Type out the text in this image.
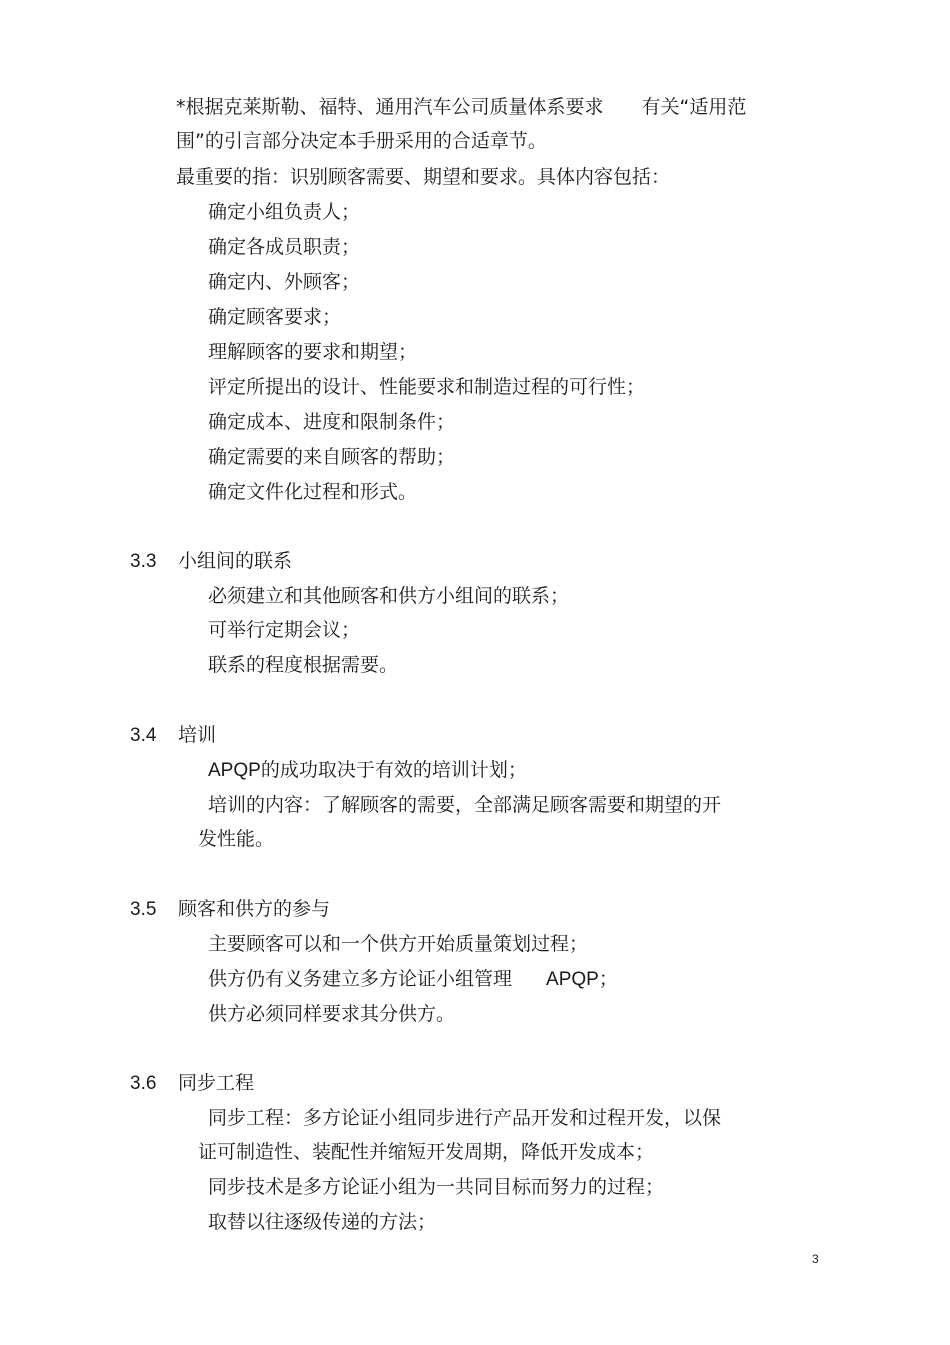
*根据克莱斯勒、福特、通用汽车公司质量体系要求 有关“适用范
围”的引言部分决定本手册采用的合适章节。
最重要的指：识别顾客需要、期望和要求。具体内容包括：
确定小组负责人；
确定各成员职责；
确定内、外顾客；
确定顾客要求；
理解顾客的要求和期望；
评定所提出的设计、性能要求和制造过程的可行性；
确定成本、进度和限制条件；
确定需要的来自顾客的帮助；
确定文件化过程和形式。
3.3 小组间的联系
必须建立和其他顾客和供方小组间的联系；
可举行定期会议；
联系的程度根据需要。
3.4 培训
APQP的成功取决于有效的培训计划；
培训的内容：了解顾客的需要，全部满足顾客需要和期望的开
发性能。
3.5 顾客和供方的参与
主要顾客可以和一个供方开始质量策划过程；
供方仍有义务建立多方论证小组管理 APQP；
供方必须同样要求其分供方。
3.6 同步工程
同步工程：多方论证小组同步进行产品开发和过程开发，以保
证可制造性、装配性并缩短开发周期，降低开发成本；
同步技术是多方论证小组为一共同目标而努力的过程；
取替以往逐级传递的方法；
3
